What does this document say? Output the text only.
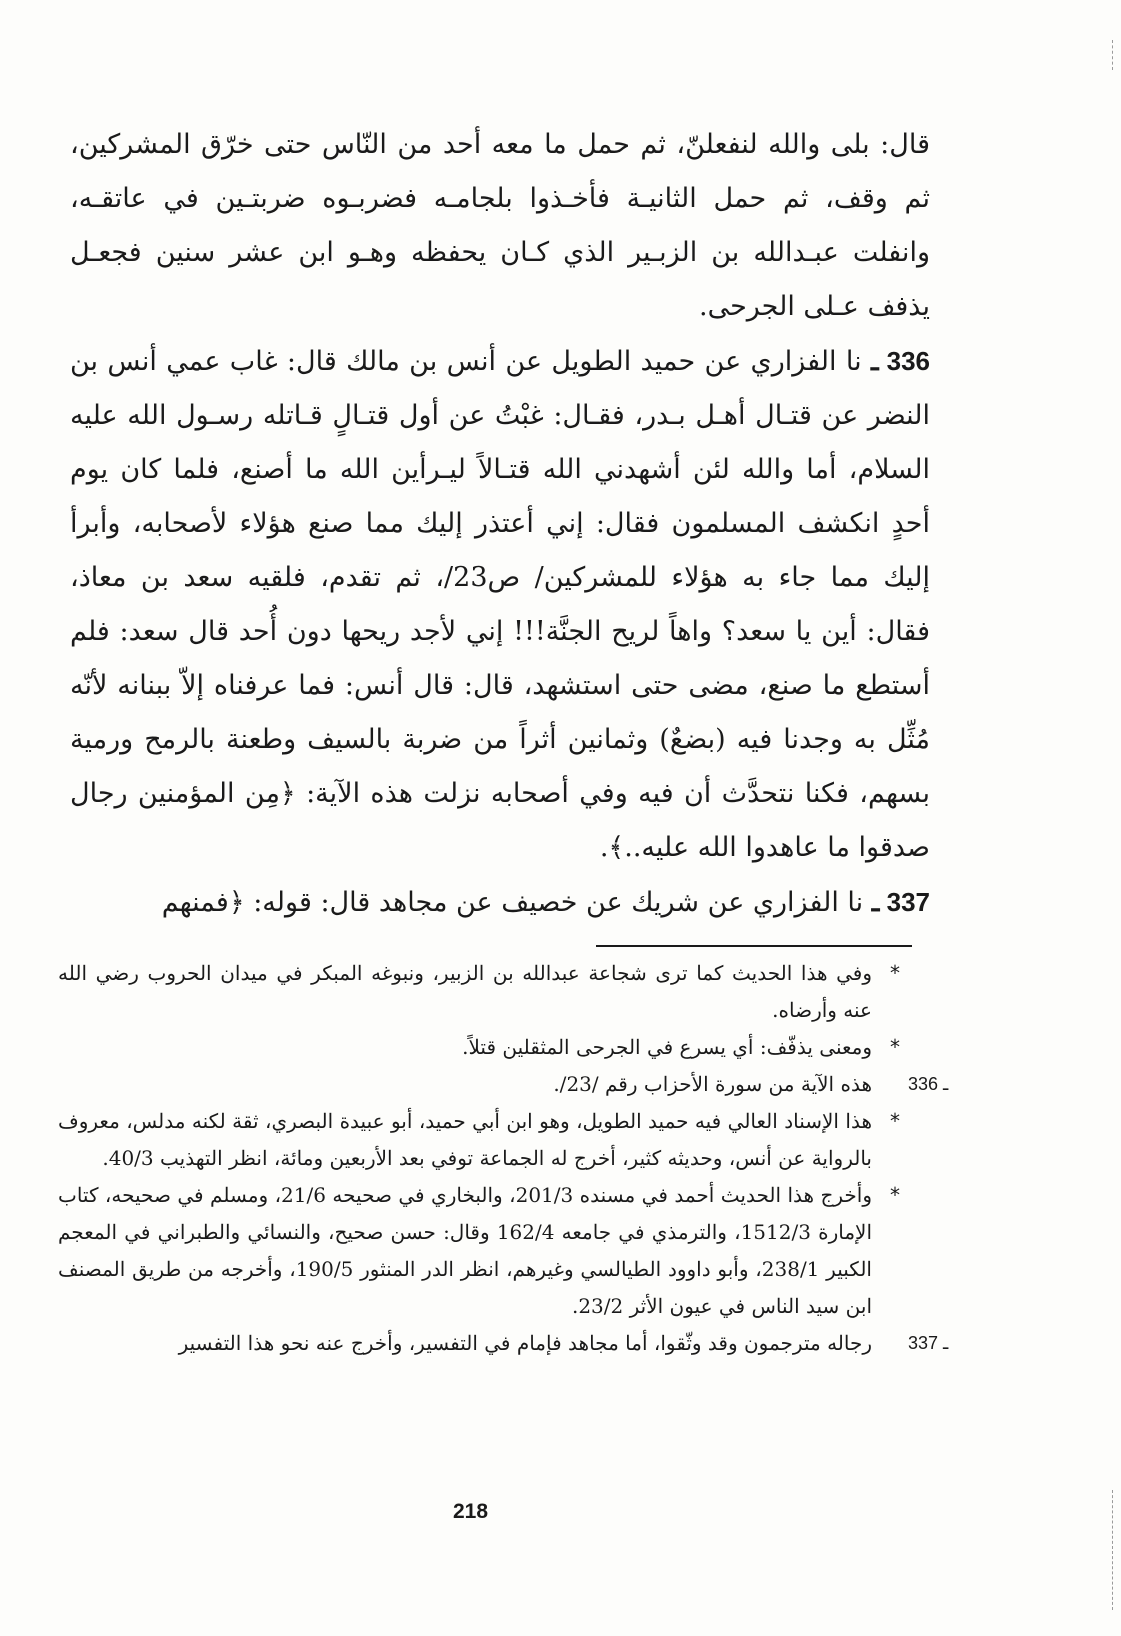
قال: بلى والله لنفعلنّ، ثم حمل ما معه أحد من النّاس حتى خرّق المشركين، ثم وقف، ثم حمل الثانيـة فأخـذوا بلجامـه فضربـوه ضربتـين في عاتقـه، وانفلت عبـدالله بن الزبـير الذي كـان يحفظه وهـو ابن عشر سنين فجعـل يذفف عـلى الجرحى.

336 ـ نا الفزاري عن حميد الطويل عن أنس بن مالك قال: غاب عمي أنس بن النضر عن قتـال أهـل بـدر، فقـال: غبْتُ عن أول قتـالٍ قـاتله رسـول الله عليه السلام، أما والله لئن أشهدني الله قتـالاً ليـرأين الله ما أصنع، فلما كان يوم أحدٍ انكشف المسلمون فقال: إني أعتذر إليك مما صنع هؤلاء لأصحابه، وأبرأ إليك مما جاء به هؤلاء للمشركين/ ص23/، ثم تقدم، فلقيه سعد بن معاذ، فقال: أين يا سعد؟ واهاً لريح الجنَّة!!! إني لأجد ريحها دون أُحد قال سعد: فلم أستطع ما صنع، مضى حتى استشهد، قال: قال أنس: فما عرفناه إلاّ ببنانه لأنّه مُثِّل به وجدنا فيه (بضعٌ) وثمانين أثراً من ضربة بالسيف وطعنة بالرمح ورمية بسهم، فكنا نتحدَّث أن فيه وفي أصحابه نزلت هذه الآية: ﴿مِن المؤمنين رجال صدقوا ما عاهدوا الله عليه..﴾.

337 ـ نا الفزاري عن شريك عن خصيف عن مجاهد قال: قوله: ﴿فمنهم

*
وفي هذا الحديث كما ترى شجاعة عبدالله بن الزبير، ونبوغه المبكر في ميدان الحروب رضي الله عنه وأرضاه.
*
ومعنى يذفّف: أي يسرع في الجرحى المثقلين قتلاً.
336 ـ
هذه الآية من سورة الأحزاب رقم /23/.
*
هذا الإسناد العالي فيه حميد الطويل، وهو ابن أبي حميد، أبو عبيدة البصري، ثقة لكنه مدلس، معروف بالرواية عن أنس، وحديثه كثير، أخرج له الجماعة توفي بعد الأربعين ومائة، انظر التهذيب 40/3.
*
وأخرج هذا الحديث أحمد في مسنده 201/3، والبخاري في صحيحه 21/6، ومسلم في صحيحه، كتاب الإمارة 1512/3، والترمذي في جامعه 162/4 وقال: حسن صحيح، والنسائي والطبراني في المعجم الكبير 238/1، وأبو داوود الطيالسي وغيرهم، انظر الدر المنثور 190/5، وأخرجه من طريق المصنف ابن سيد الناس في عيون الأثر 23/2.
337 ـ
رجاله مترجمون وقد وثّقوا، أما مجاهد فإمام في التفسير، وأخرج عنه نحو هذا التفسير
218
